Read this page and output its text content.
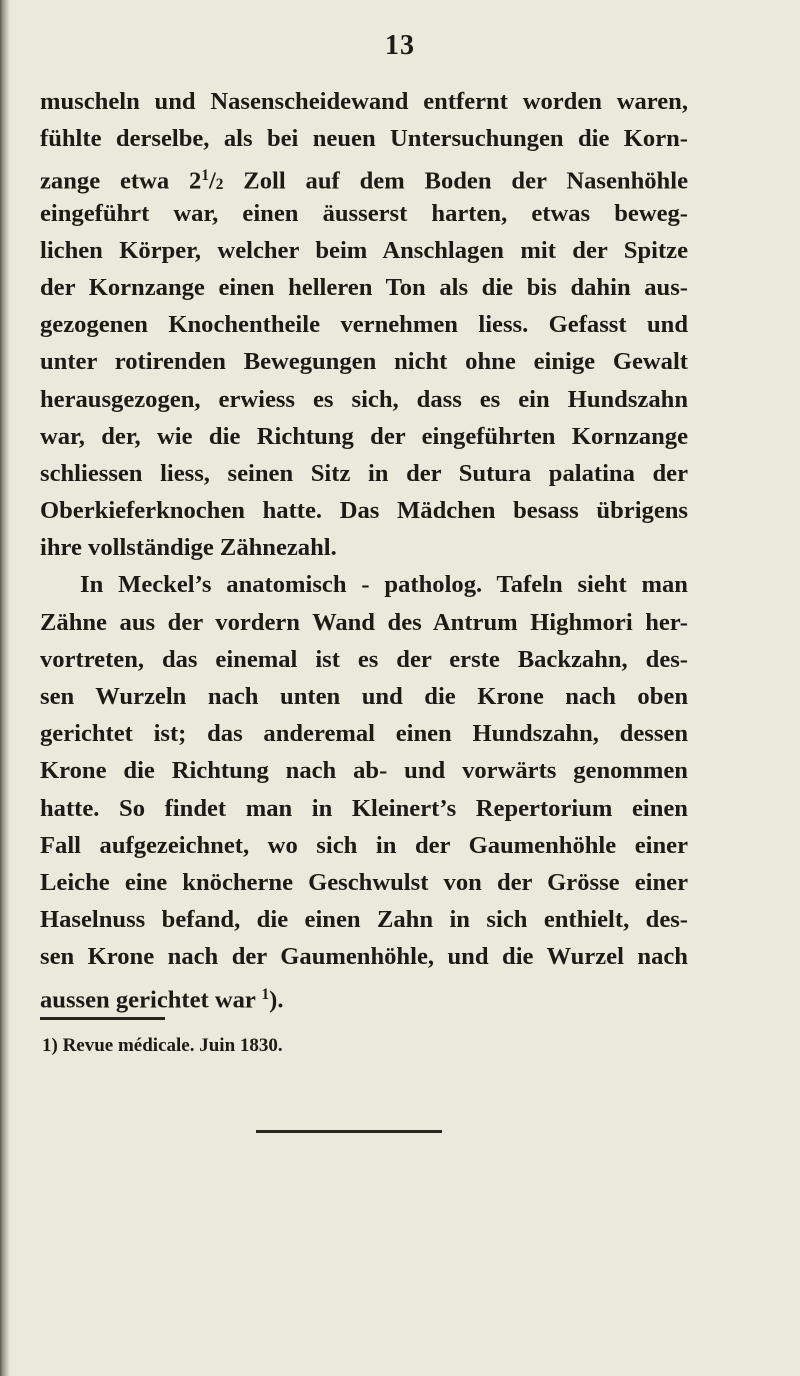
13
muscheln und Nasenscheidewand entfernt worden waren,
fühlte derselbe, als bei neuen Untersuchungen die Korn-
zange etwa $2^1/2$ Zoll auf dem Boden der Nasenhöhle
eingeführt war, einen äusserst harten, etwas beweg-
lichen Körper, welcher beim Anschlagen mit der Spitze
der Kornzange einen helleren Ton als die bis dahin aus-
gezogenen Knochentheile vernehmen liess. Gefasst und
unter rotirenden Bewegungen nicht ohne einige Gewalt
herausgezogen, erwiess es sich, dass es ein Hundszahn
war, der, wie die Richtung der eingeführten Kornzange
schliessen liess, seinen Sitz in der Sutura palatina der
Oberkieferknochen hatte. Das Mädchen besass übrigens
ihre vollständige Zähnezahl.
In Meckel’s anatomisch - patholog. Tafeln sieht man
Zähne aus der vordern Wand des Antrum Highmori her-
vortreten, das einemal ist es der erste Backzahn, des-
sen Wurzeln nach unten und die Krone nach oben
gerichtet ist; das anderemal einen Hundszahn, dessen
Krone die Richtung nach ab- und vorwärts genommen
hatte. So findet man in Kleinert’s Repertorium einen
Fall aufgezeichnet, wo sich in der Gaumenhöhle einer
Leiche eine knöcherne Geschwulst von der Grösse einer
Haselnuss befand, die einen Zahn in sich enthielt, des-
sen Krone nach der Gaumenhöhle, und die Wurzel nach
aussen gerichtet war $^1$).
1) Revue médicale. Juin 1830.
